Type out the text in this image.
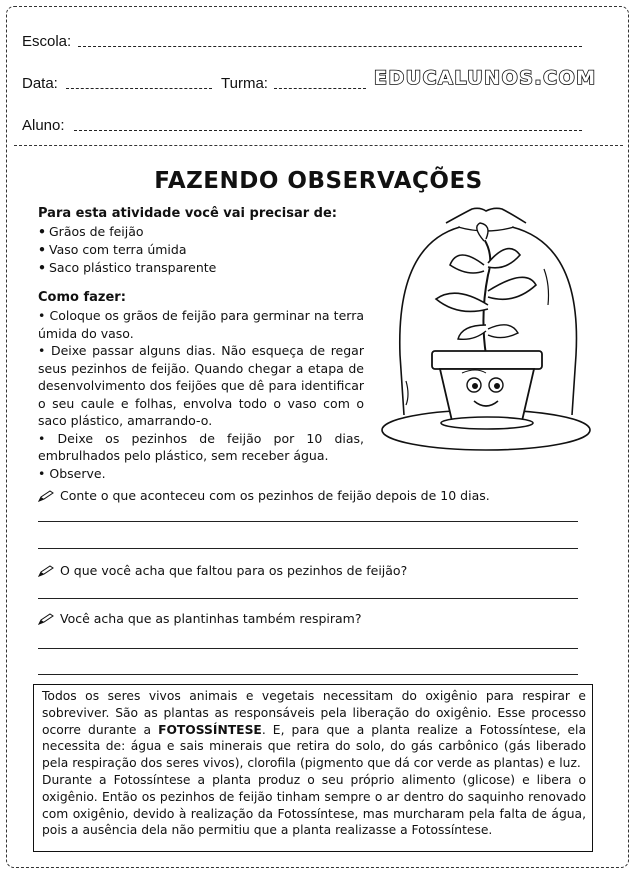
Escola:
Data:	Turma:	EDUCALUNOS.COM
Aluno:
FAZENDO OBSERVAÇÕES
Para esta atividade você vai precisar de:
• Grãos de feijão
• Vaso com terra úmida
• Saco plástico transparente
Como fazer:

• Coloque os grãos de feijão para germinar na terra úmida do vaso.

• Deixe passar alguns dias. Não esqueça de regar seus pezinhos de feijão. Quando chegar a etapa de desenvolvimento dos feijões que dê para identificar o seu caule e folhas, envolva todo o vaso com o saco plástico, amarrando-o.

• Deixe os pezinhos de feijão por 10 dias, embrulhados pelo plástico, sem receber água.

• Observe.

Conte o que aconteceu com os pezinhos de feijão depois de 10 dias.
O que você acha que faltou para os pezinhos de feijão?
Você acha que as plantinhas também respiram?

Todos os seres vivos animais e vegetais necessitam do oxigênio para respirar e sobreviver. São as plantas as responsáveis pela liberação do oxigênio. Esse processo ocorre durante a FOTOSSÍNTESE. E, para que a planta realize a Fotossíntese, ela necessita de: água e sais minerais que retira do solo, do gás carbônico (gás liberado pela respiração dos seres vivos), clorofila (pigmento que dá cor verde as plantas) e luz.

Durante a Fotossíntese a planta produz o seu próprio alimento (glicose) e libera o oxigênio. Então os pezinhos de feijão tinham sempre o ar dentro do saquinho renovado com oxigênio, devido à realização da Fotossíntese, mas murcharam pela falta de água, pois a ausência dela não permitiu que a planta realizasse a Fotossíntese.
